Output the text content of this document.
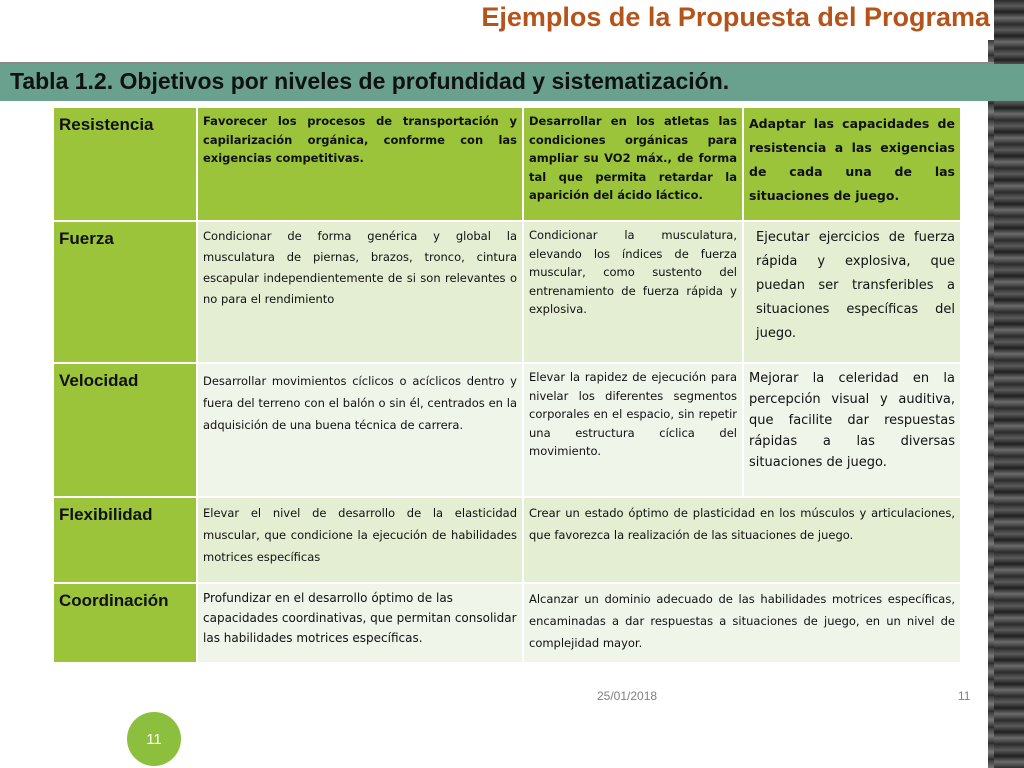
Ejemplos de la Propuesta del Programa
Tabla 1.2. Objetivos por niveles de profundidad y sistematización.
Resistencia	Favorecer los procesos de transportación y capilarización orgánica, conforme con las exigencias competitivas.	Desarrollar en los atletas las condiciones orgánicas para ampliar su VO2 máx., de forma tal que permita retardar la aparición del ácido láctico.	Adaptar las capacidades de resistencia a las exigencias de cada una de las situaciones de juego.
Fuerza	Condicionar de forma genérica y global la musculatura de piernas, brazos, tronco, cintura escapular independientemente de si son relevantes o no para el rendimiento	Condicionar la musculatura, elevando los índices de fuerza muscular, como sustento del entrenamiento de fuerza rápida y explosiva.	Ejecutar ejercicios de fuerza rápida y explosiva, que puedan ser transferibles a situaciones específicas del juego.
Velocidad	Desarrollar movimientos cíclicos o acíclicos dentro y fuera del terreno con el balón o sin él, centrados en la adquisición de una buena técnica de carrera.	Elevar la rapidez de ejecución para nivelar los diferentes segmentos corporales en el espacio, sin repetir una estructura cíclica del movimiento.	Mejorar la celeridad en la percepción visual y auditiva, que facilite dar respuestas rápidas a las diversas situaciones de juego.
Flexibilidad	Elevar el nivel de desarrollo de la elasticidad muscular, que condicione la ejecución de habilidades motrices específicas	Crear un estado óptimo de plasticidad en los músculos y articulaciones, que favorezca la realización de las situaciones de juego.	
Coordinación	Profundizar en el desarrollo óptimo de las capacidades coordinativas, que permitan consolidar las habilidades motrices específicas.	Alcanzar un dominio adecuado de las habilidades motrices específicas, encaminadas a dar respuestas a situaciones de juego, en un nivel de complejidad mayor.	
25/01/2018	11
11
